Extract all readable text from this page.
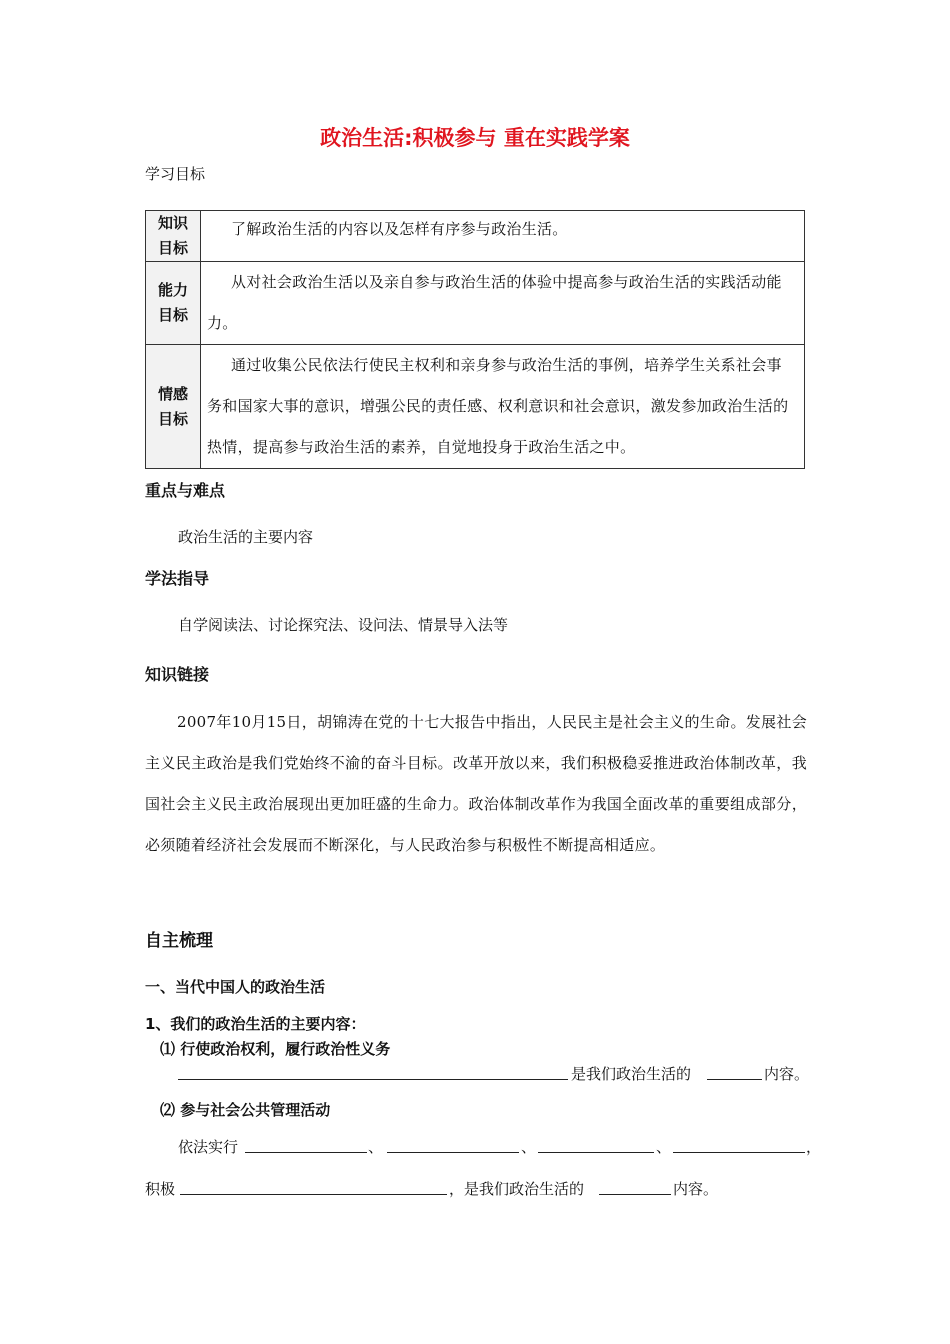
政治生活:积极参与 重在实践学案
学习目标
知识
目标	了解政治生活的内容以及怎样有序参与政治生活。

能力
目标	从对社会政治生活以及亲自参与政治生活的体验中提高参与政治生活的实践活动能力。

情感
目标	通过收集公民依法行使民主权利和亲身参与政治生活的事例，培养学生关系社会事务和国家大事的意识，增强公民的责任感、权利意识和社会意识，激发参加政治生活的热情，提高参与政治生活的素养，自觉地投身于政治生活之中。
重点与难点
政治生活的主要内容
学法指导
自学阅读法、讨论探究法、设问法、情景导入法等
知识链接
2007年10月15日，胡锦涛在党的十七大报告中指出，人民民主是社会主义的生命。发展社会主义民主政治是我们党始终不渝的奋斗目标。改革开放以来，我们积极稳妥推进政治体制改革，我国社会主义民主政治展现出更加旺盛的生命力。政治体制改革作为我国全面改革的重要组成部分，必须随着经济社会发展而不断深化，与人民政治参与积极性不断提高相适应。
自主梳理
一、当代中国人的政治生活
1、我们的政治生活的主要内容：
⑴ 行使政治权利，履行政治性义务
是我们政治生活的	内容。
⑵ 参与社会公共管理活动
依法实行	、	、	、	，
积极	，是我们政治生活的	内容。
